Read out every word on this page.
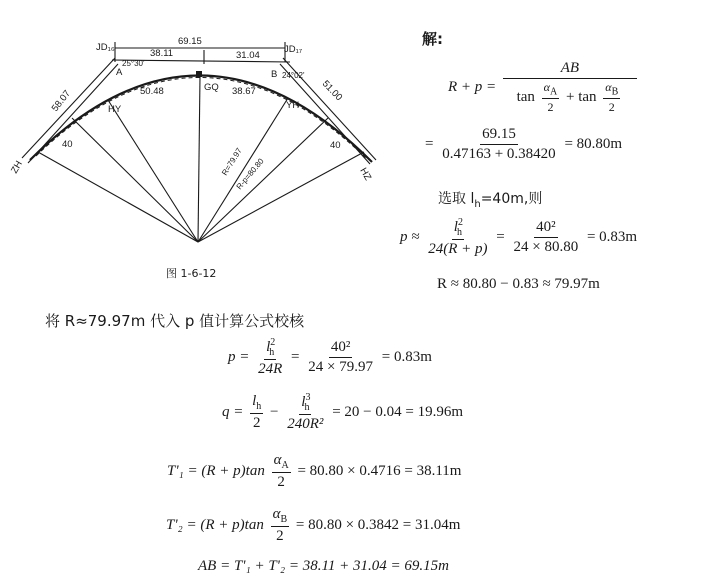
JD₁₆	JD₁₇
69.15
38.11	31.04
25°30'
24°02'
A	B
58.07	51.00
50.48	38.67
HY
GQ
YH
ZH	HZ
40	40
R=79.97
R-p=80.80
图 1-6-12
解:
R + p =
AB
$\tan \frac{\alpha_A}{2} + \tan \frac{\alpha_B}{2}$
= $\frac{69.15}{0.47163 + 0.38420} = 80.80m$
选取 $l_h=40m$,则
$p \approx \frac{l^2_h}{24(R + p)} = \frac{\text{40²}}{24 \times 80.80} = 0.83m$
R ≈ 80.80 − 0.83 ≈ 79.97m
将 R≈79.97m 代入 p 值计算公式校核
$p = \frac{l^2_h}{24R} = \frac{\text{40²}}{24 \times 79.97} = 0.83m$
$q = \frac{l_h}{2} - \frac{l^3_h}{\text{240R²}} = 20 - 0.04 = 19.96m$
$T'_1 = (R + p)\tan \frac{\alpha_A}{2} = 80.80 \times 0.4716 = 38.11m$
$T'_2 = (R + p)\tan \frac{\alpha_B}{2} = 80.80 \times 0.3842 = 31.04m$
AB = T'₁ + T'₂ = 38.11 + 31.04 = 69.15m
